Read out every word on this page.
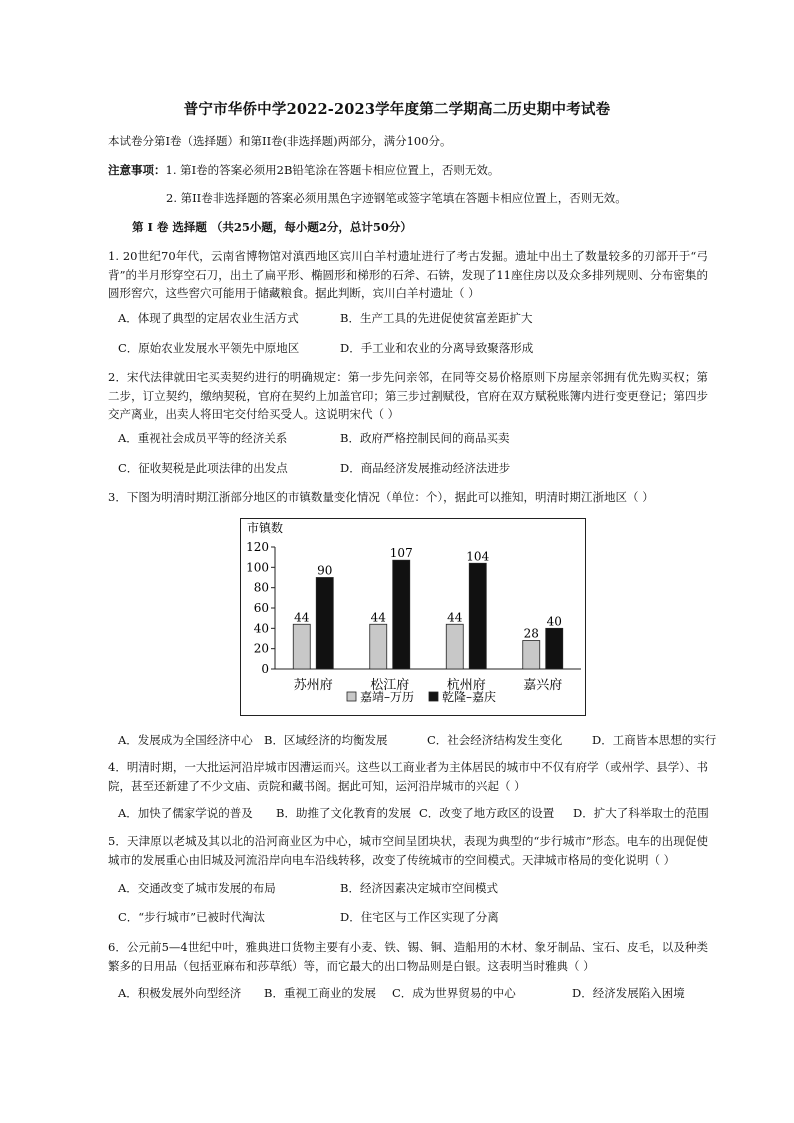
普宁市华侨中学2022-2023学年度第二学期高二历史期中考试卷
本试卷分第I卷（选择题）和第II卷(非选择题)两部分，满分100分。
注意事项：1. 第I卷的答案必须用2B铅笔涂在答题卡相应位置上，否则无效。
2. 第II卷非选择题的答案必须用黑色字迹钢笔或签字笔填在答题卡相应位置上，否则无效。
第 I 卷 选择题 （共25小题，每小题2分，总计50分）
1. 20世纪70年代，云南省博物馆对滇西地区宾川白羊村遗址进行了考古发掘。遗址中出土了数量较多的刃部开于“弓背”的半月形穿空石刀，出土了扁平形、椭圆形和梯形的石斧、石锛，发现了11座住房以及众多排列规则、分布密集的圆形窖穴，这些窖穴可能用于储藏粮食。据此判断，宾川白羊村遗址（ ）
A．体现了典型的定居农业生活方式	B．生产工具的先进促使贫富差距扩大
C．原始农业发展水平领先中原地区	D．手工业和农业的分离导致聚落形成
2．宋代法律就田宅买卖契约进行的明确规定：第一步先问亲邻，在同等交易价格原则下房屋亲邻拥有优先购买权；第二步，订立契约，缴纳契税，官府在契约上加盖官印；第三步过割赋役，官府在双方赋税账簿内进行变更登记；第四步交产离业，出卖人将田宅交付给买受人。这说明宋代（ ）
A．重视社会成员平等的经济关系	B．政府严格控制民间的商品买卖
C．征收契税是此项法律的出发点	D．商品经济发展推动经济法进步
3．下图为明清时期江浙部分地区的市镇数量变化情况（单位：个），据此可以推知，明清时期江浙地区（ ）
市镇数
0
20
40
60
80
100
120
苏州府	松江府	杭州府	嘉兴府
44
90
44
107
44
104
28
40
嘉靖–万历 乾隆–嘉庆
A．发展成为全国经济中心 B．区域经济的均衡发展	C．社会经济结构发生变化	D．工商皆本思想的实行
4．明清时期，一大批运河沿岸城市因漕运而兴。这些以工商业者为主体居民的城市中不仅有府学（或州学、县学）、书院，甚至还新建了不少文庙、贡院和藏书阁。据此可知，运河沿岸城市的兴起（ ）
A．加快了儒家学说的普及 B．助推了文化教育的发展 C．改变了地方政区的设置 D．扩大了科举取士的范围
5．天津原以老城及其以北的沿河商业区为中心，城市空间呈团块状，表现为典型的“步行城市”形态。电车的出现促使城市的发展重心由旧城及河流沿岸向电车沿线转移，改变了传统城市的空间模式。天津城市格局的变化说明（ ）
A．交通改变了城市发展的布局	B．经济因素决定城市空间模式
C．“步行城市”已被时代淘汰	D．住宅区与工作区实现了分离
6．公元前5—4世纪中叶，雅典进口货物主要有小麦、铁、锡、铜、造船用的木材、象牙制品、宝石、皮毛，以及种类繁多的日用品（包括亚麻布和莎草纸）等，而它最大的出口物品则是白银。这表明当时雅典（ ）
A．积极发展外向型经济 B．重视工商业的发展 C．成为世界贸易的中心	D．经济发展陷入困境
